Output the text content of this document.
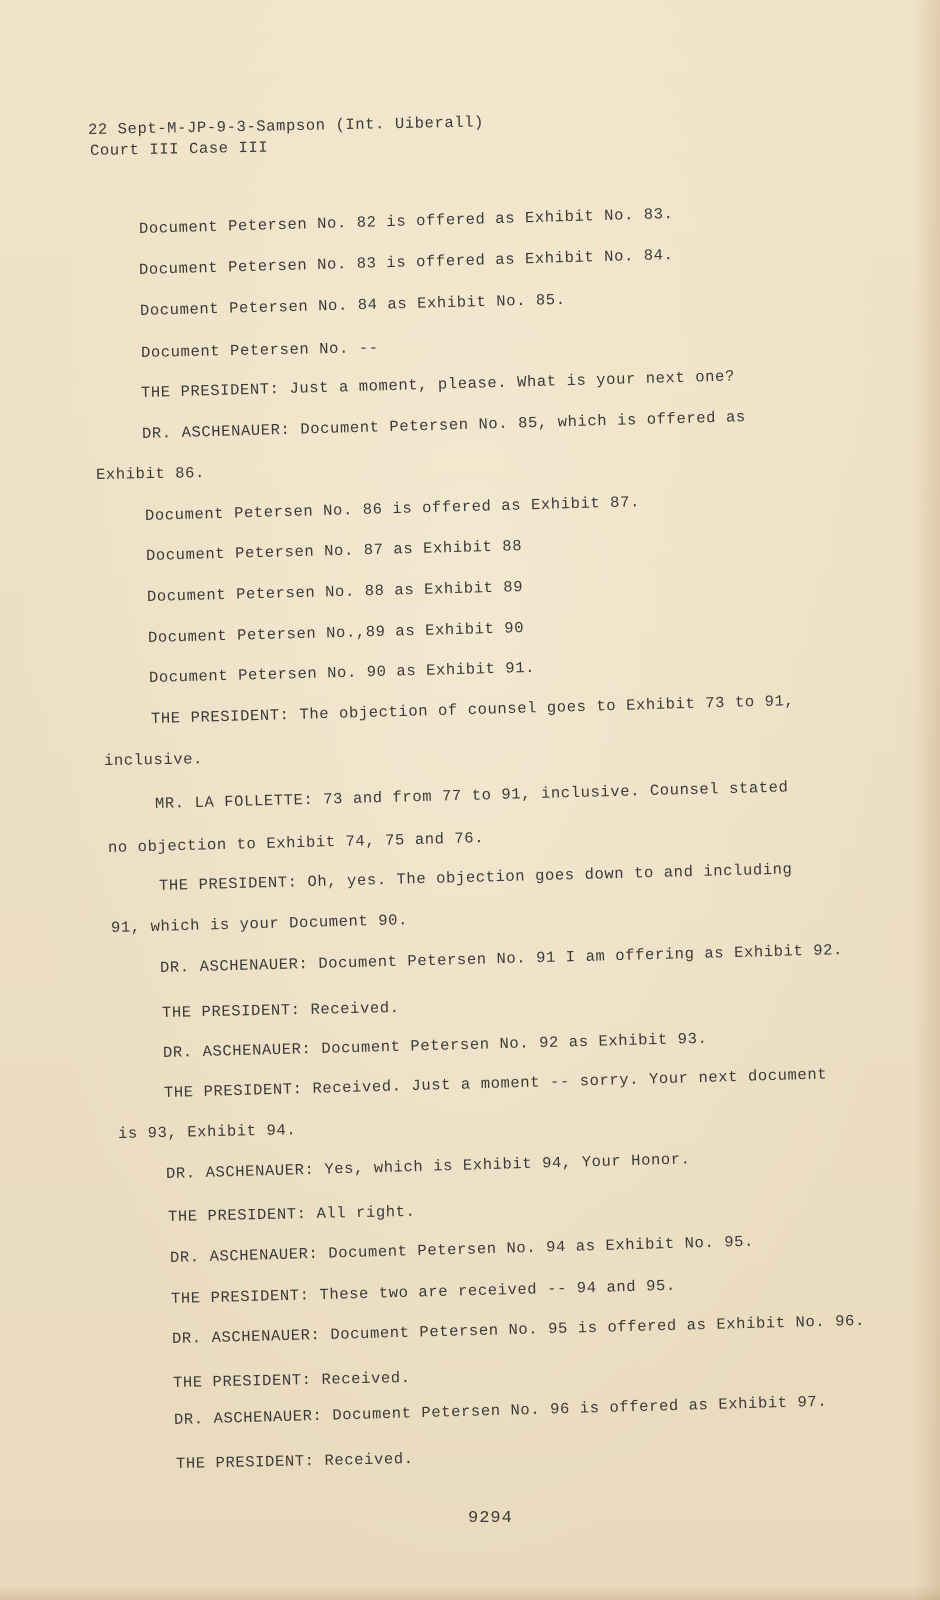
22 Sept-M-JP-9-3-Sampson (Int. Uiberall)
Court III Case III
Document Petersen No. 82 is offered as Exhibit No. 83.
Document Petersen No. 83 is offered as Exhibit No. 84.
Document Petersen No. 84 as Exhibit No. 85.
Document Petersen No. --
THE PRESIDENT: Just a moment, please. What is your next one?
DR. ASCHENAUER: Document Petersen No. 85, which is offered as
Exhibit 86.
Document Petersen No. 86 is offered as Exhibit 87.
Document Petersen No. 87 as Exhibit 88
Document Petersen No. 88 as Exhibit 89
Document Petersen No.,89 as Exhibit 90
Document Petersen No. 90 as Exhibit 91.
THE PRESIDENT: The objection of counsel goes to Exhibit 73 to 91,
inclusive.
MR. LA FOLLETTE: 73 and from 77 to 91, inclusive. Counsel stated
no objection to Exhibit 74, 75 and 76.
THE PRESIDENT: Oh, yes. The objection goes down to and including
91, which is your Document 90.
DR. ASCHENAUER: Document Petersen No. 91 I am offering as Exhibit 92.
THE PRESIDENT: Received.
DR. ASCHENAUER: Document Petersen No. 92 as Exhibit 93.
THE PRESIDENT: Received. Just a moment -- sorry. Your next document
is 93, Exhibit 94.
DR. ASCHENAUER: Yes, which is Exhibit 94, Your Honor.
THE PRESIDENT: All right.
DR. ASCHENAUER: Document Petersen No. 94 as Exhibit No. 95.
THE PRESIDENT: These two are received -- 94 and 95.
DR. ASCHENAUER: Document Petersen No. 95 is offered as Exhibit No. 96.
THE PRESIDENT: Received.
DR. ASCHENAUER: Document Petersen No. 96 is offered as Exhibit 97.
THE PRESIDENT: Received.
9294
